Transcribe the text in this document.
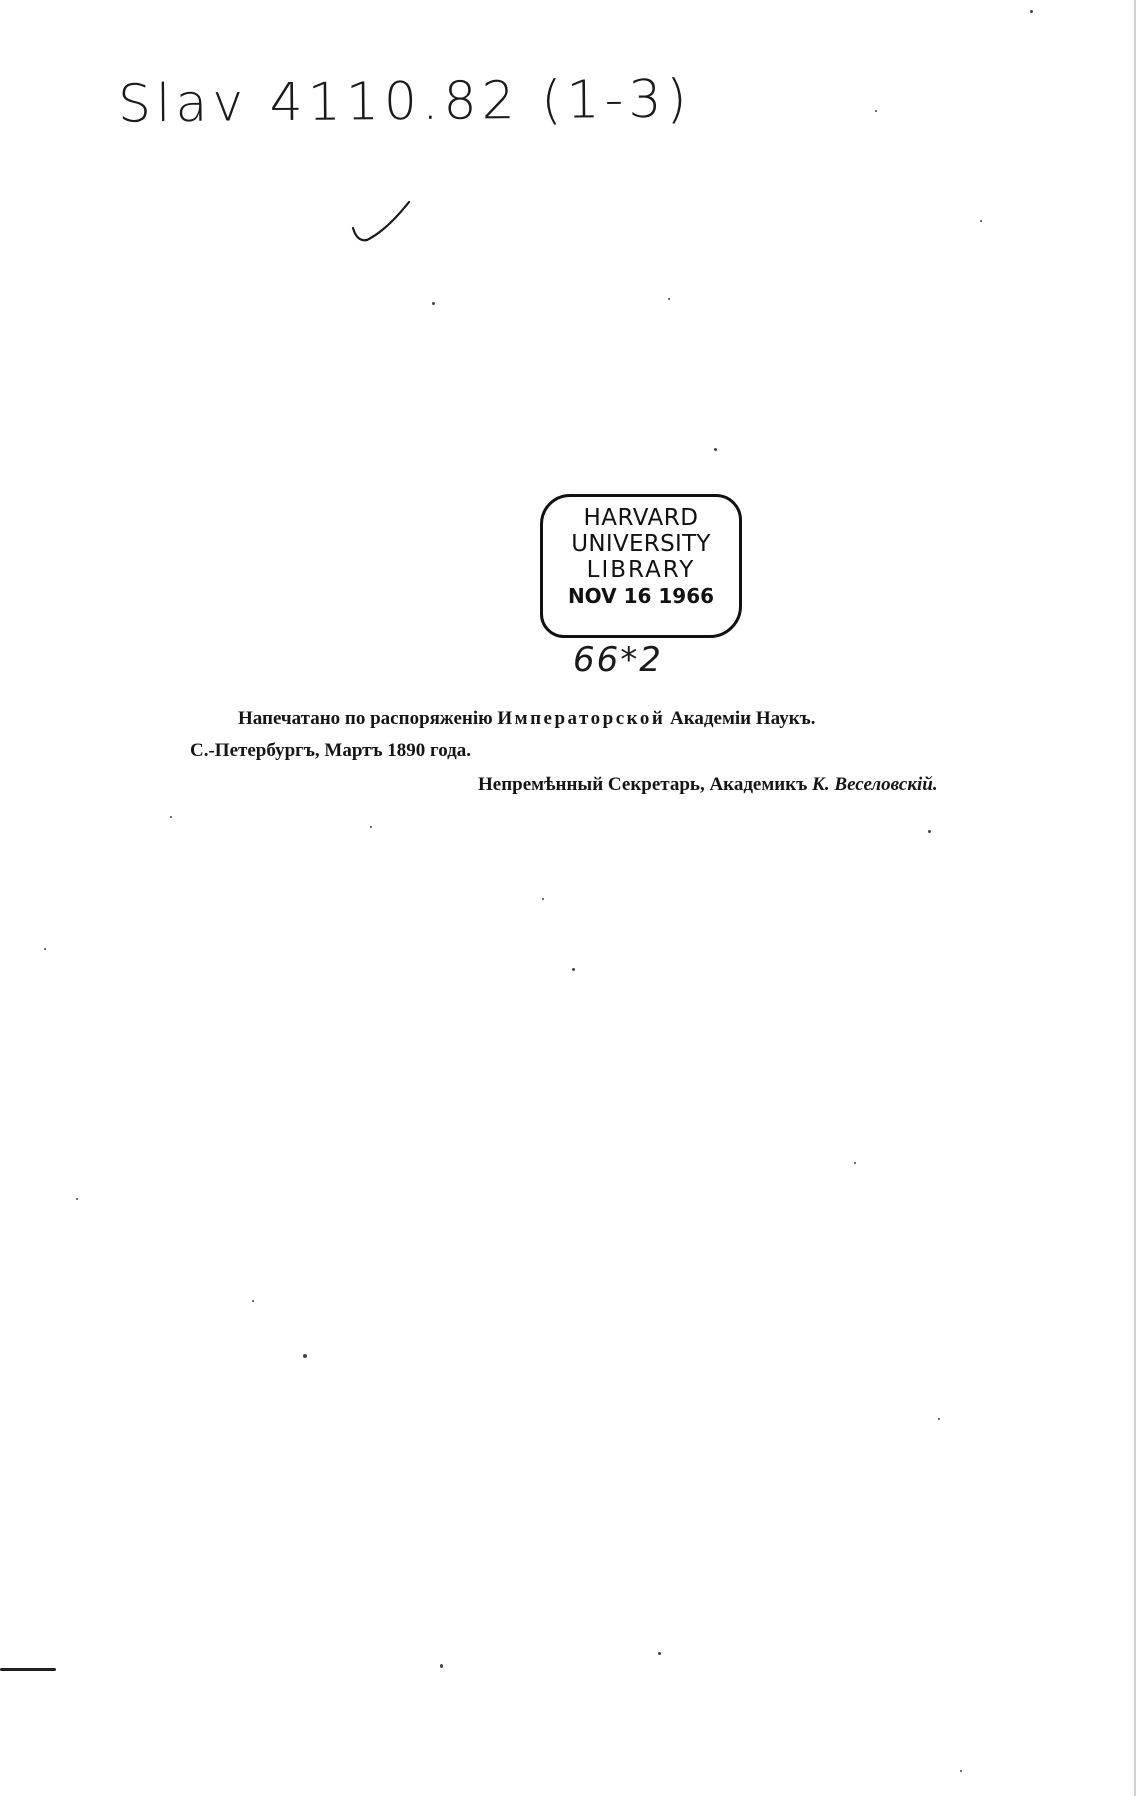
Slav 4110.82 (1-3)
HARVARD
UNIVERSITY
LIBRARY
NOV 16 1966
66*2
Напечатано по распоряженію Императорской Академіи Наукъ.
С.-Петербургъ, Мартъ 1890 года.
Непремѣнный Секретарь, Академикъ К. Веселовскій.
